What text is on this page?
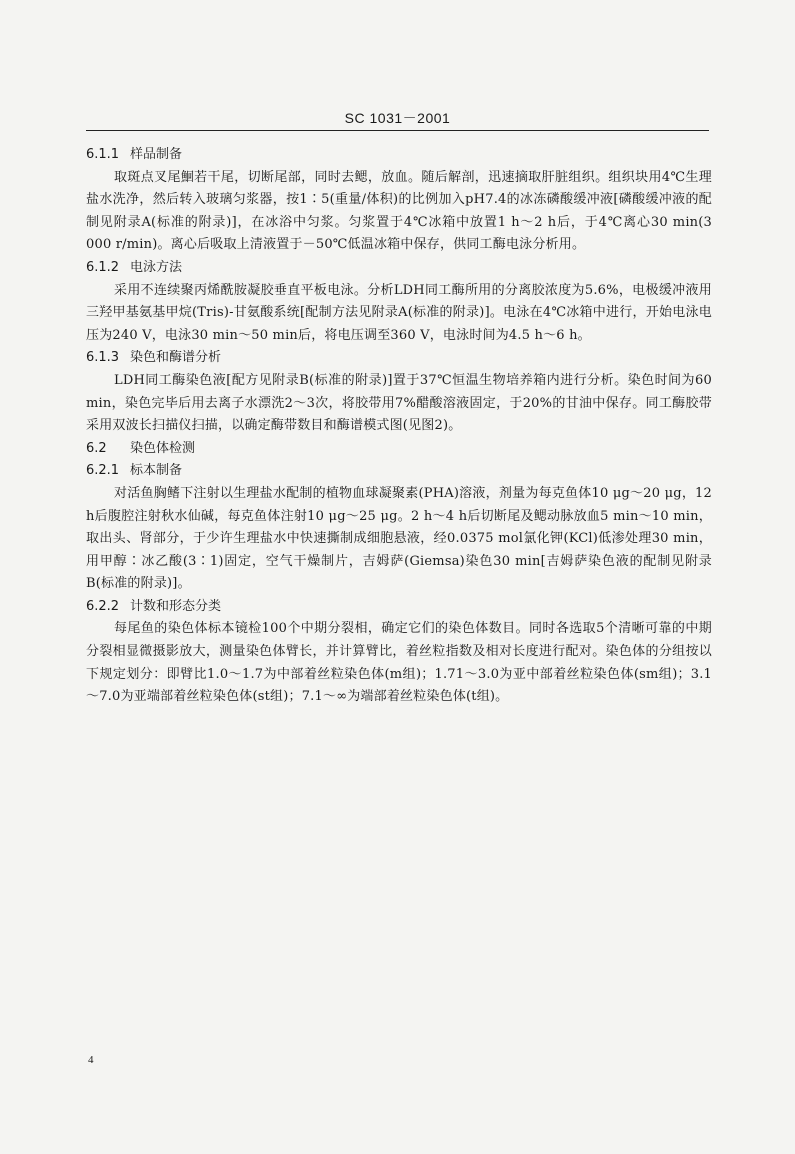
SC 1031－2001
6.1.1 样品制备

取斑点叉尾鮰若干尾，切断尾部，同时去鳃，放血。随后解剖，迅速摘取肝脏组织。组织块用4℃生理盐水洗净，然后转入玻璃匀浆器，按1∶5(重量/体积)的比例加入pH7.4的冰冻磷酸缓冲液[磷酸缓冲液的配制见附录A(标准的附录)]，在冰浴中匀浆。匀浆置于4℃冰箱中放置1 h～2 h后，于4℃离心30 min(3 000 r/min)。离心后吸取上清液置于－50℃低温冰箱中保存，供同工酶电泳分析用。

6.1.2 电泳方法

采用不连续聚丙烯酰胺凝胶垂直平板电泳。分析LDH同工酶所用的分离胶浓度为5.6%，电极缓冲液用三羟甲基氨基甲烷(Tris)-甘氨酸系统[配制方法见附录A(标准的附录)]。电泳在4℃冰箱中进行，开始电泳电压为240 V，电泳30 min～50 min后，将电压调至360 V，电泳时间为4.5 h～6 h。

6.1.3 染色和酶谱分析

LDH同工酶染色液[配方见附录B(标准的附录)]置于37℃恒温生物培养箱内进行分析。染色时间为60 min，染色完毕后用去离子水漂洗2～3次，将胶带用7%醋酸溶液固定，于20%的甘油中保存。同工酶胶带采用双波长扫描仪扫描，以确定酶带数目和酶谱模式图(见图2)。

6.2 染色体检测
6.2.1 标本制备

对活鱼胸鳍下注射以生理盐水配制的植物血球凝聚素(PHA)溶液，剂量为每克鱼体10 μg～20 μg，12 h后腹腔注射秋水仙碱，每克鱼体注射10 μg～25 μg。2 h～4 h后切断尾及鳃动脉放血5 min～10 min，取出头、肾部分，于少许生理盐水中快速撕制成细胞悬液，经0.0375 mol氯化钾(KCl)低渗处理30 min，用甲醇∶冰乙酸(3∶1)固定，空气干燥制片，吉姆萨(Giemsa)染色30 min[吉姆萨染色液的配制见附录B(标准的附录)]。

6.2.2 计数和形态分类

每尾鱼的染色体标本镜检100个中期分裂相，确定它们的染色体数目。同时各选取5个清晰可靠的中期分裂相显微摄影放大，测量染色体臂长，并计算臂比，着丝粒指数及相对长度进行配对。染色体的分组按以下规定划分：即臂比1.0～1.7为中部着丝粒染色体(m组)；1.71～3.0为亚中部着丝粒染色体(sm组)；3.1～7.0为亚端部着丝粒染色体(st组)；7.1～∞为端部着丝粒染色体(t组)。

4
